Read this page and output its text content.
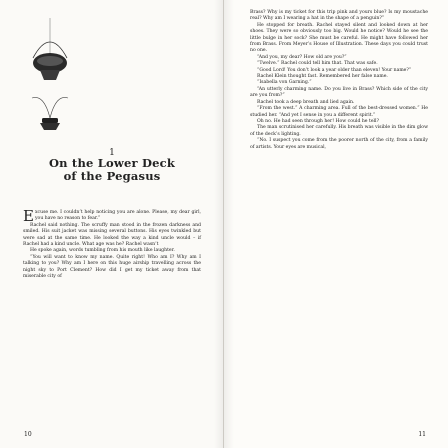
1
On the Lower Deck
of the Pegasus
E xcuse me. I couldn’t help noticing you are alone. Please, my dear girl, you have no reason to fear.”

Rachel said nothing. The scruffy man stood in the frozen darkness and smiled. His suit jacket was missing several buttons. His eyes twinkled but were sad at the same time. He looked the way a kind uncle would – if Rachel had a kind uncle. What age was he? Rachel wasn’t

He spoke again, words tumbling from his mouth like laughter.

“You will want to know my name. Quite right! Who am I? Why am I talking to you? Why am I here on this huge airship travelling across the night sky to Port Clement? How did I get my ticket away from that miserable city of

10

Brass? Why is my ticket for this trip pink and yours blue? Is my moustache real? Why am I wearing a hat in the shape of a penguin?”

He stopped for breath. Rachel stayed silent and looked down at her shoes. They were so obviously too big. Would he notice? Would he see the little bulge in her sock? She must be careful. He might have followed her from Brass. From Meyer’s House of Illustration. These days you could trust no one.

“And you, my dear? How old are you?”

“Twelve.” Rachel could tell him that. That was safe.

“Good Lord! You don’t look a year older than eleven! Your name?”

Rachel Klein thought fast. Remembered her false name.

“Isabella von Garning.”

“An utterly charming name. Do you live in Brass? Which side of the city are you from?”

Rachel took a deep breath and lied again.

“From the west.” A charming area. Full of the best-dressed women.” He studied her. “And yet I sense in you a different spirit.”

Oh no. He had seen through her! How could he tell?

The man scrutinised her carefully. His breath was visible in the dim glow of the deck’s lighting.

“No. I suspect you come from the poorer north of the city, from a family of artists. Your eyes are musical,

11
